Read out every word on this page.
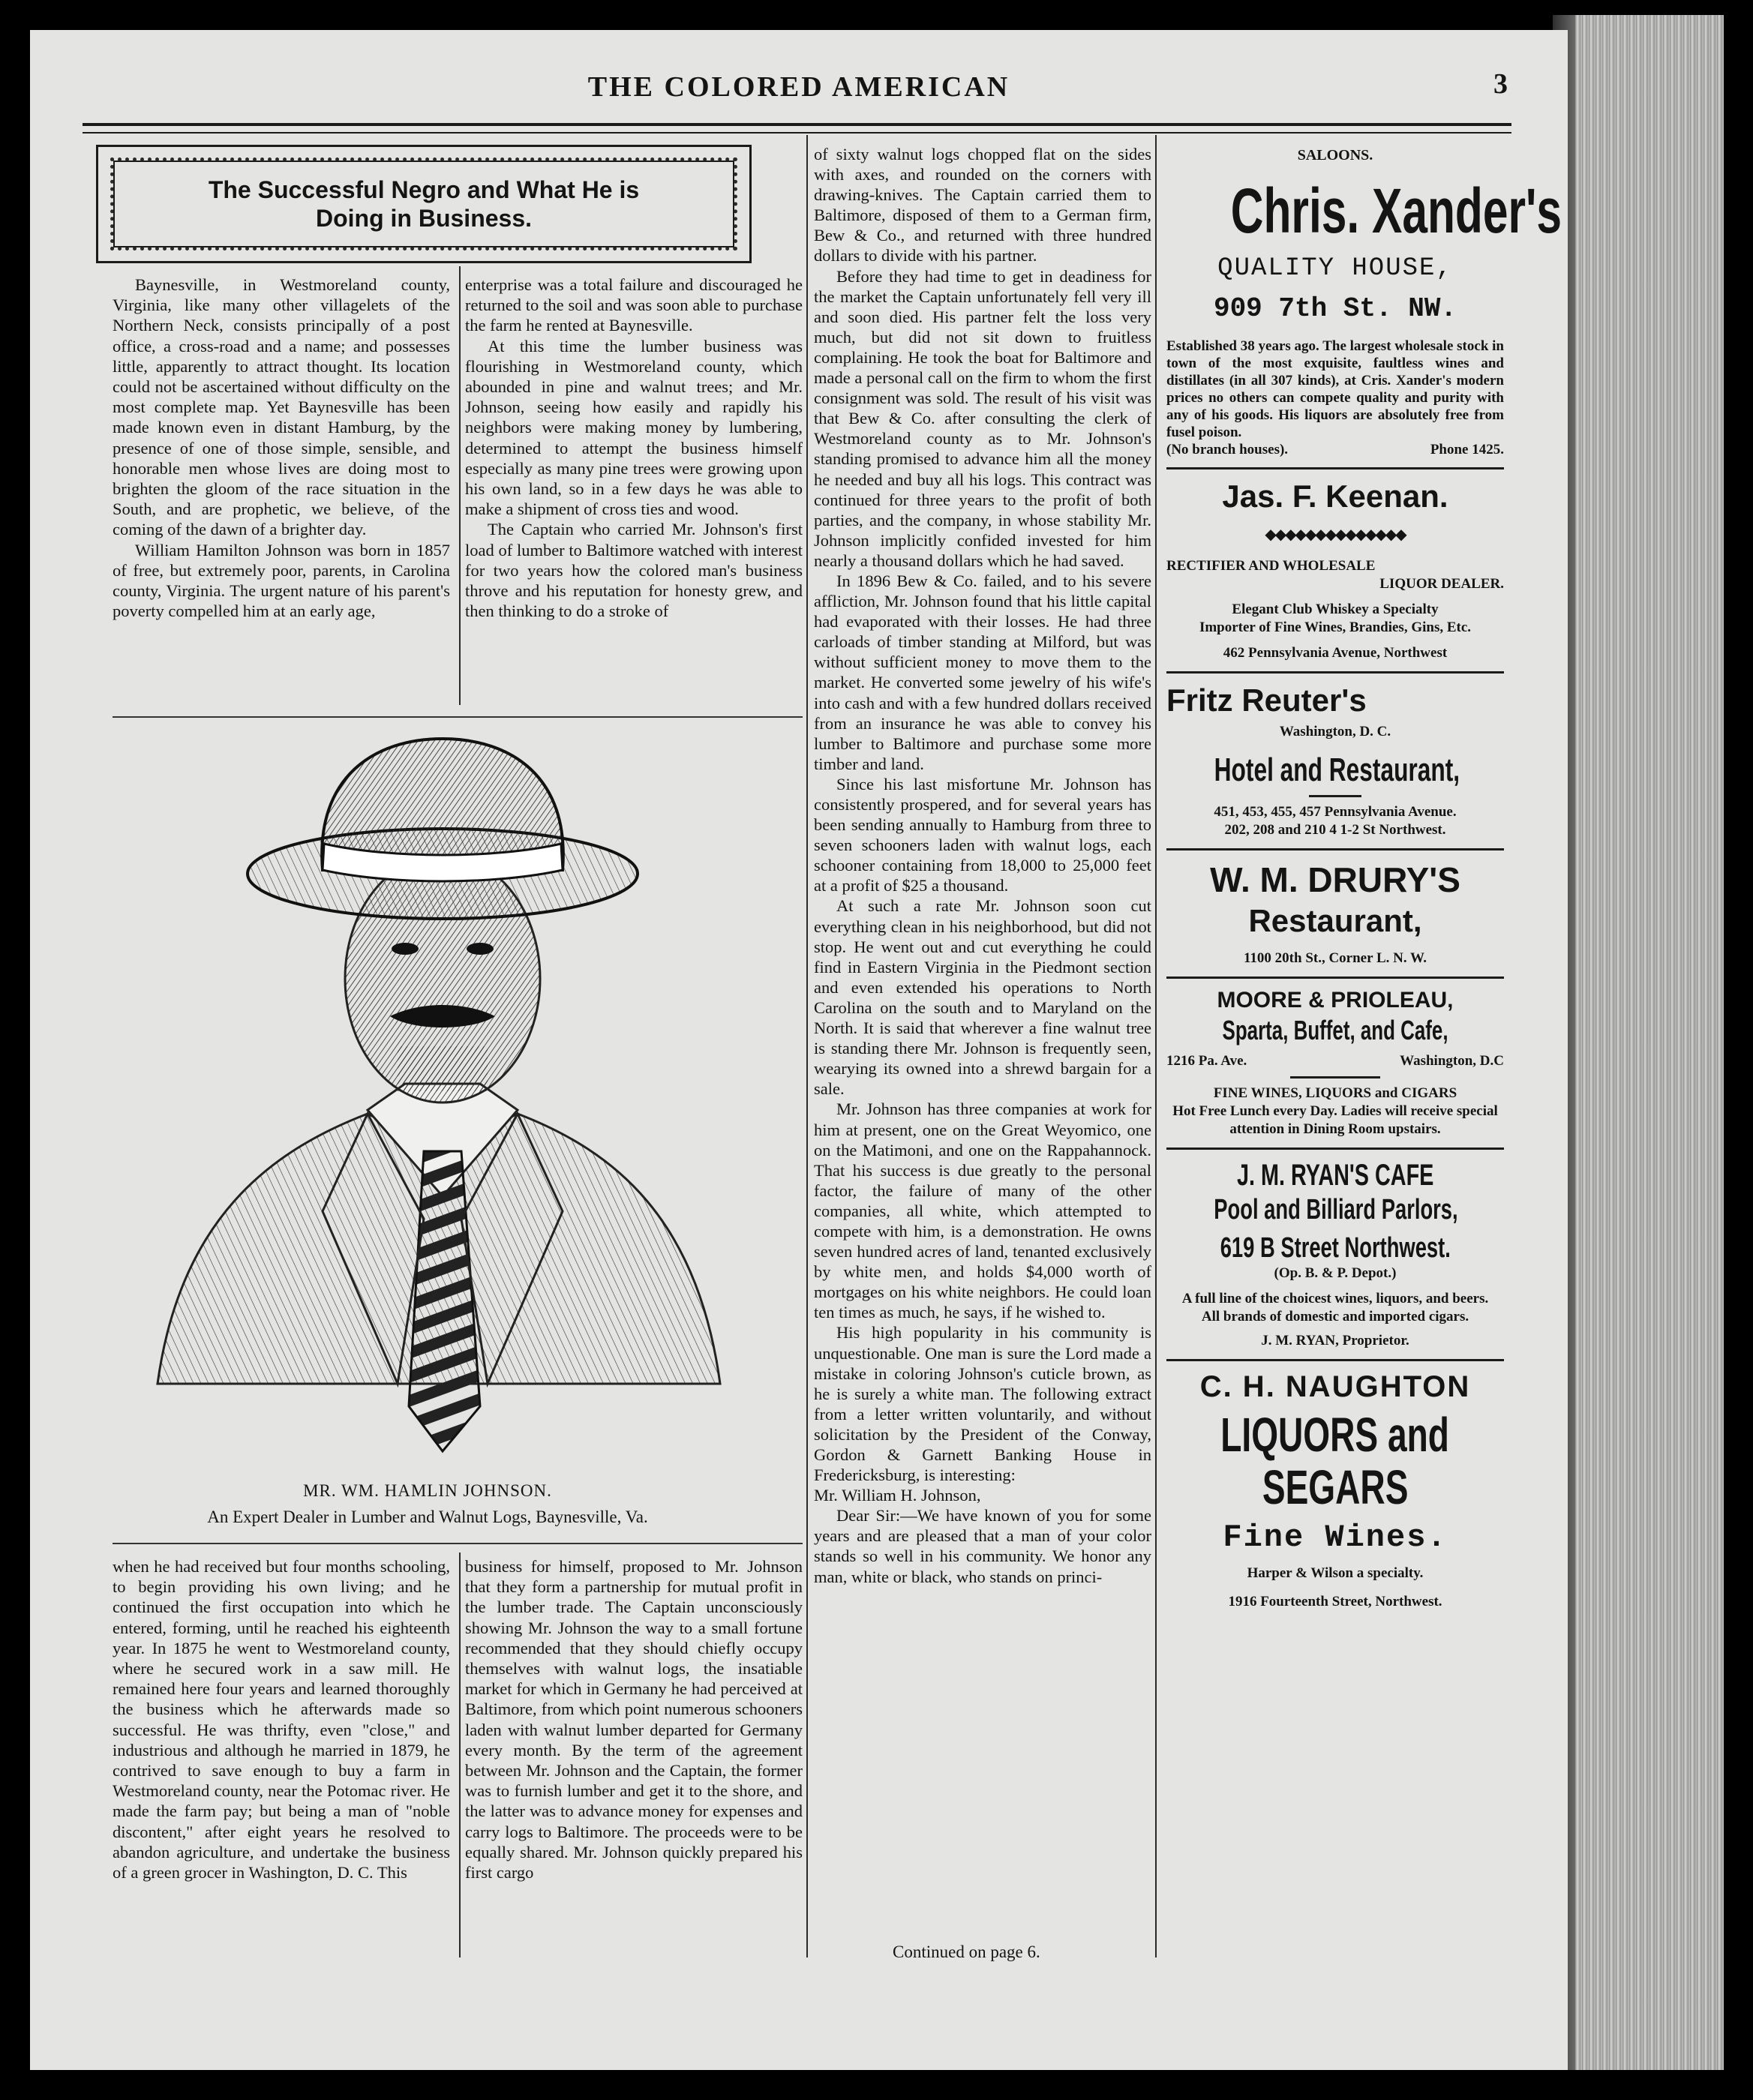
THE COLORED AMERICAN	3
The Successful Negro and What He is
Doing in Business.

Baynesville, in Westmoreland county, Virginia, like many other villagelets of the Northern Neck, consists principally of a post office, a cross-road and a name; and possesses little, apparently to attract thought. Its location could not be ascertained without difficulty on the most complete map. Yet Baynesville has been made known even in distant Hamburg, by the presence of one of those simple, sensible, and honorable men whose lives are doing most to brighten the gloom of the race situation in the South, and are prophetic, we believe, of the coming of the dawn of a brighter day.

William Hamilton Johnson was born in 1857 of free, but extremely poor, parents, in Carolina county, Virginia. The urgent nature of his parent's poverty compelled him at an early age,

enterprise was a total failure and discouraged he returned to the soil and was soon able to purchase the farm he rented at Baynesville.

At this time the lumber business was flourishing in Westmoreland county, which abounded in pine and walnut trees; and Mr. Johnson, seeing how easily and rapidly his neighbors were making money by lumbering, determined to attempt the business himself especially as many pine trees were growing upon his own land, so in a few days he was able to make a shipment of cross ties and wood.

The Captain who carried Mr. Johnson's first load of lumber to Baltimore watched with interest for two years how the colored man's business throve and his reputation for honesty grew, and then thinking to do a stroke of

MR. WM. HAMLIN JOHNSON.
An Expert Dealer in Lumber and Walnut Logs, Baynesville, Va.

when he had received but four months schooling, to begin providing his own living; and he continued the first occupation into which he entered, forming, until he reached his eighteenth year. In 1875 he went to Westmoreland county, where he secured work in a saw mill. He remained here four years and learned thoroughly the business which he afterwards made so successful. He was thrifty, even "close," and industrious and although he married in 1879, he contrived to save enough to buy a farm in Westmoreland county, near the Potomac river. He made the farm pay; but being a man of "noble discontent," after eight years he resolved to abandon agriculture, and undertake the business of a green grocer in Washington, D. C. This

business for himself, proposed to Mr. Johnson that they form a partnership for mutual profit in the lumber trade. The Captain unconsciously showing Mr. Johnson the way to a small fortune recommended that they should chiefly occupy themselves with walnut logs, the insatiable market for which in Germany he had perceived at Baltimore, from which point numerous schooners laden with walnut lumber departed for Germany every month. By the term of the agreement between Mr. Johnson and the Captain, the former was to furnish lumber and get it to the shore, and the latter was to advance money for expenses and carry logs to Baltimore. The proceeds were to be equally shared. Mr. Johnson quickly prepared his first cargo

of sixty walnut logs chopped flat on the sides with axes, and rounded on the corners with drawing-knives. The Captain carried them to Baltimore, disposed of them to a German firm, Bew & Co., and returned with three hundred dollars to divide with his partner.

Before they had time to get in deadiness for the market the Captain unfortunately fell very ill and soon died. His partner felt the loss very much, but did not sit down to fruitless complaining. He took the boat for Baltimore and made a personal call on the firm to whom the first consignment was sold. The result of his visit was that Bew & Co. after consulting the clerk of Westmoreland county as to Mr. Johnson's standing promised to advance him all the money he needed and buy all his logs. This contract was continued for three years to the profit of both parties, and the company, in whose stability Mr. Johnson implicitly confided invested for him nearly a thousand dollars which he had saved.

In 1896 Bew & Co. failed, and to his severe affliction, Mr. Johnson found that his little capital had evaporated with their losses. He had three carloads of timber standing at Milford, but was without sufficient money to move them to the market. He converted some jewelry of his wife's into cash and with a few hundred dollars received from an insurance he was able to convey his lumber to Baltimore and purchase some more timber and land.

Since his last misfortune Mr. Johnson has consistently prospered, and for several years has been sending annually to Hamburg from three to seven schooners laden with walnut logs, each schooner containing from 18,000 to 25,000 feet at a profit of $25 a thousand.

At such a rate Mr. Johnson soon cut everything clean in his neighborhood, but did not stop. He went out and cut everything he could find in Eastern Virginia in the Piedmont section and even extended his operations to North Carolina on the south and to Maryland on the North. It is said that wherever a fine walnut tree is standing there Mr. Johnson is frequently seen, wearying its owned into a shrewd bargain for a sale.

Mr. Johnson has three companies at work for him at present, one on the Great Weyomico, one on the Matimoni, and one on the Rappahannock. That his success is due greatly to the personal factor, the failure of many of the other companies, all white, which attempted to compete with him, is a demonstration. He owns seven hundred acres of land, tenanted exclusively by white men, and holds $4,000 worth of mortgages on his white neighbors. He could loan ten times as much, he says, if he wished to.

His high popularity in his community is unquestionable. One man is sure the Lord made a mistake in coloring Johnson's cuticle brown, as he is surely a white man. The following extract from a letter written voluntarily, and without solicitation by the President of the Conway, Gordon & Garnett Banking House in Fredericksburg, is interesting:

Mr. William H. Johnson,

Dear Sir:—We have known of you for some years and are pleased that a man of your color stands so well in his community. We honor any man, white or black, who stands on princi-

Continued on page 6.
SALOONS.
Chris. Xander's
QUALITY HOUSE,
909 7th St. NW.
Established 38 years ago. The largest wholesale stock in town of the most exquisite, faultless wines and distillates (in all 307 kinds), at Cris. Xander's modern prices no others can compete quality and purity with any of his goods. His liquors are absolutely free from fusel poison.
(No branch houses).	Phone 1425.
Jas. F. Keenan.
◆◆◆◆◆◆◆◆◆◆◆◆◆◆
RECTIFIER AND WHOLESALE
LIQUOR DEALER.
Elegant Club Whiskey a Specialty
Importer of Fine Wines, Brandies, Gins, Etc.
462 Pennsylvania Avenue, Northwest
Fritz Reuter's
Washington, D. C.
Hotel and Restaurant,
451, 453, 455, 457 Pennsylvania Avenue.
202, 208 and 210 4 1-2 St Northwest.
W. M. DRURY'S
Restaurant,
1100 20th St., Corner L. N. W.
MOORE & PRIOLEAU,
Sparta, Buffet, and Cafe,
1216 Pa. Ave.	Washington, D.C
FINE WINES, LIQUORS and CIGARS
Hot Free Lunch every Day. Ladies will receive special attention in Dining Room upstairs.
J. M. RYAN'S CAFE Pool and Billiard Parlors, 619 B Street Northwest.
(Op. B. & P. Depot.)
A full line of the choicest wines, liquors, and beers. All brands of domestic and imported cigars.
J. M. RYAN, Proprietor.
C. H. NAUGHTON
LIQUORS and SEGARS
Fine Wines.
Harper & Wilson a specialty.
1916 Fourteenth Street, Northwest.
